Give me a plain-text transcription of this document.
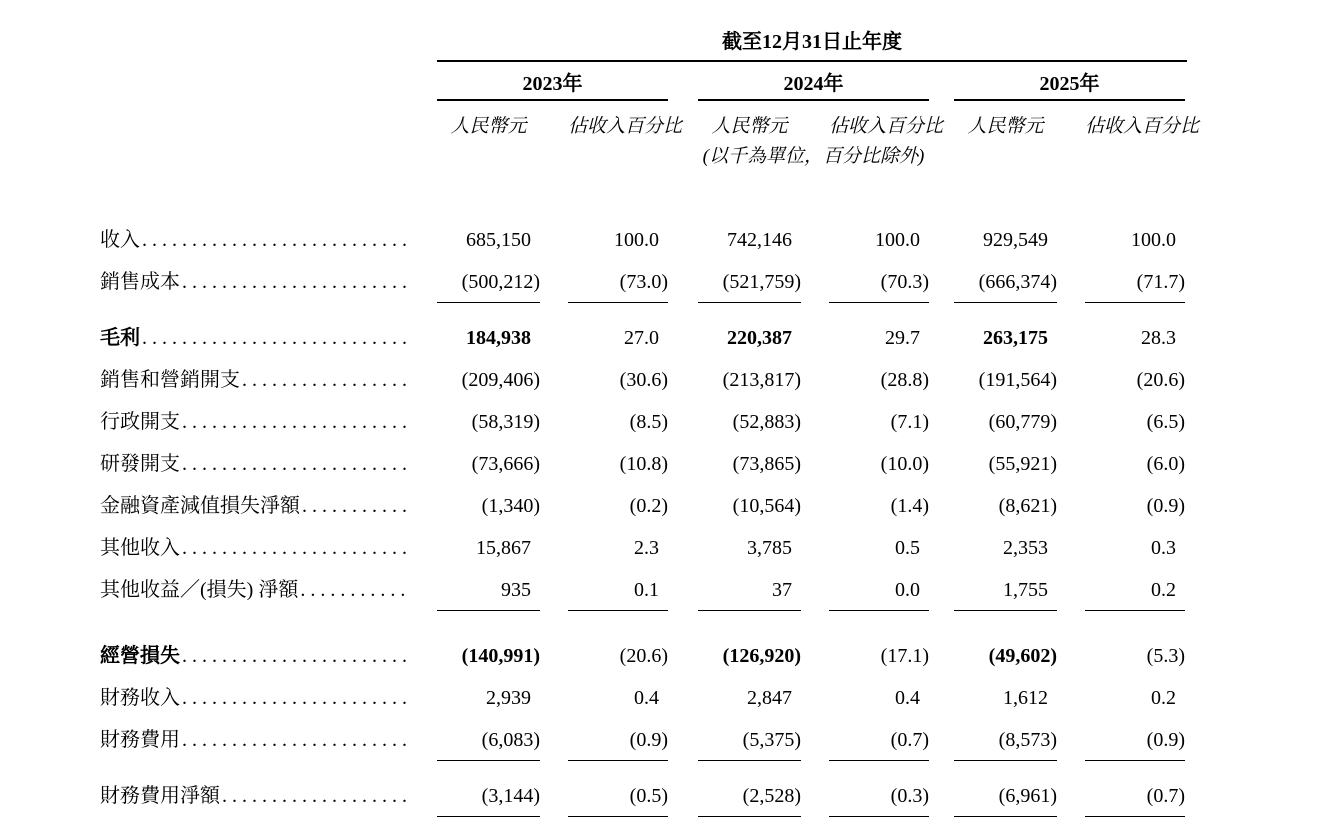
截至12月31日止年度
2023年	2024年	2025年
人民幣元	佔收入百分比	人民幣元	佔收入百分比	人民幣元	佔收入百分比
(以千為單位，百分比除外)
收入 .....	685,150	100.0	742,146	100.0	929,549	100.0
銷售成本 .....	(500,212)	(73.0)	(521,759)	(70.3)	(666,374)	(71.7)
毛利 .....	184,938	27.0	220,387	29.7	263,175	28.3
銷售和營銷開支 .....	(209,406)	(30.6)	(213,817)	(28.8)	(191,564)	(20.6)
行政開支 .....	(58,319)	(8.5)	(52,883)	(7.1)	(60,779)	(6.5)
研發開支 .....	(73,666)	(10.8)	(73,865)	(10.0)	(55,921)	(6.0)
金融資產減值損失淨額 .....	(1,340)	(0.2)	(10,564)	(1.4)	(8,621)	(0.9)
其他收入 .....	15,867	2.3	3,785	0.5	2,353	0.3
其他收益／(損失) 淨額 .....	935	0.1	37	0.0	1,755	0.2
經營損失 .....	(140,991)	(20.6)	(126,920)	(17.1)	(49,602)	(5.3)
財務收入 .....	2,939	0.4	2,847	0.4	1,612	0.2
財務費用 .....	(6,083)	(0.9)	(5,375)	(0.7)	(8,573)	(0.9)
財務費用淨額 .....	(3,144)	(0.5)	(2,528)	(0.3)	(6,961)	(0.7)
